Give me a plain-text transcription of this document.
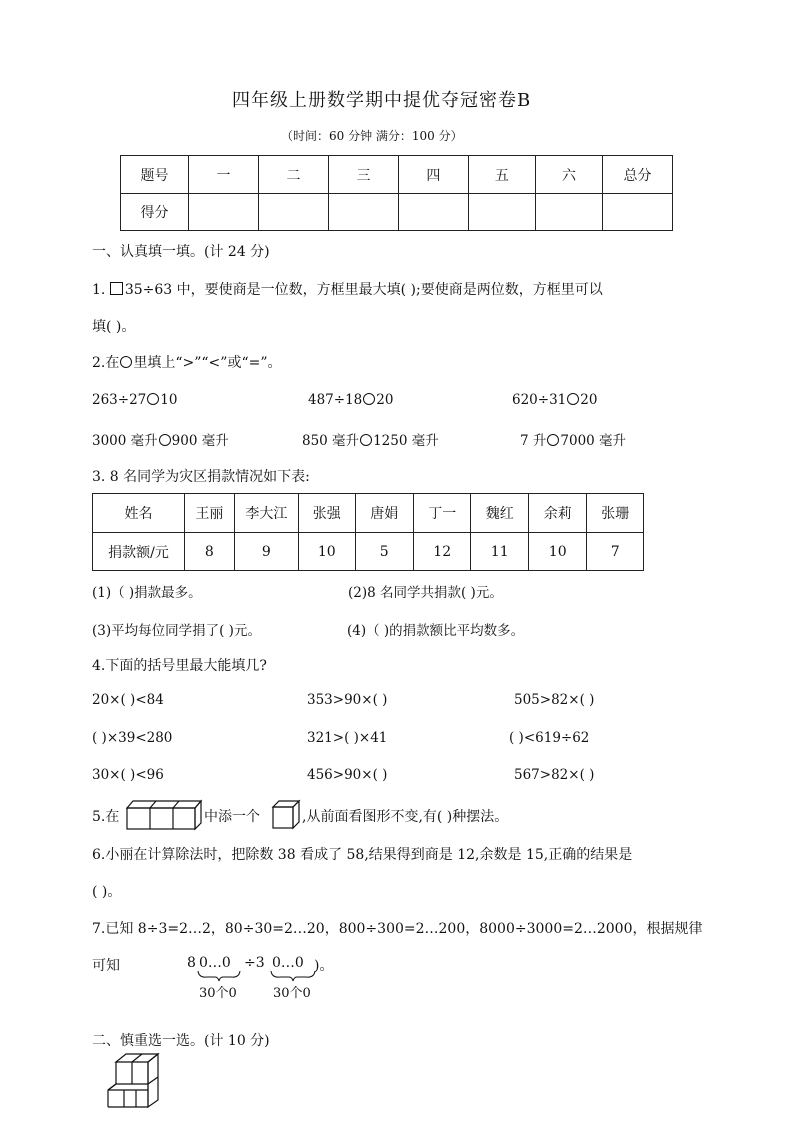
四年级上册数学期中提优夺冠密卷B
（时间：60 分钟 满分：100 分）
题号	一	二	三	四	五	六	总分
得分							
一、认真填一填。(计 24 分)
1. 35÷63 中，要使商是一位数，方框里最大填( );要使商是两位数，方框里可以
填( )。
2.在 里填上“>”“<”或“=”。
263÷27 10	487÷18 20	620÷31 20
3000 毫升 900 毫升	850 毫升 1250 毫升	7 升 7000 毫升
3. 8 名同学为灾区捐款情况如下表:
姓名	王丽	李大江	张强	唐娟	丁一	魏红	余莉	张珊
捐款额/元	8	9	10	5	12	11	10	7
(1)（ )捐款最多。	(2)8 名同学共捐款( )元。
(3)平均每位同学捐了( )元。	(4)（ )的捐款额比平均数多。
4.下面的括号里最大能填几?
20×( )<84	353>90×( )	505>82×( )
( )×39<280	321>( )×41	( )<619÷62
30×( )<96	456>90×( )	567>82×( )
5.在	中添一个	,从前面看图形不变,有( )种摆法。
6.小丽在计算除法时，把除数 38 看成了 58,结果得到商是 12,余数是 15,正确的结果是
( )。
7.已知 8÷3=2…2，80÷30=2…20，800÷300=2…200，8000÷3000=2…2000，根据规律
可知	8 0…0 ÷3 0…0 )。
30个0	30个0
二、慎重选一选。(计 10 分)
